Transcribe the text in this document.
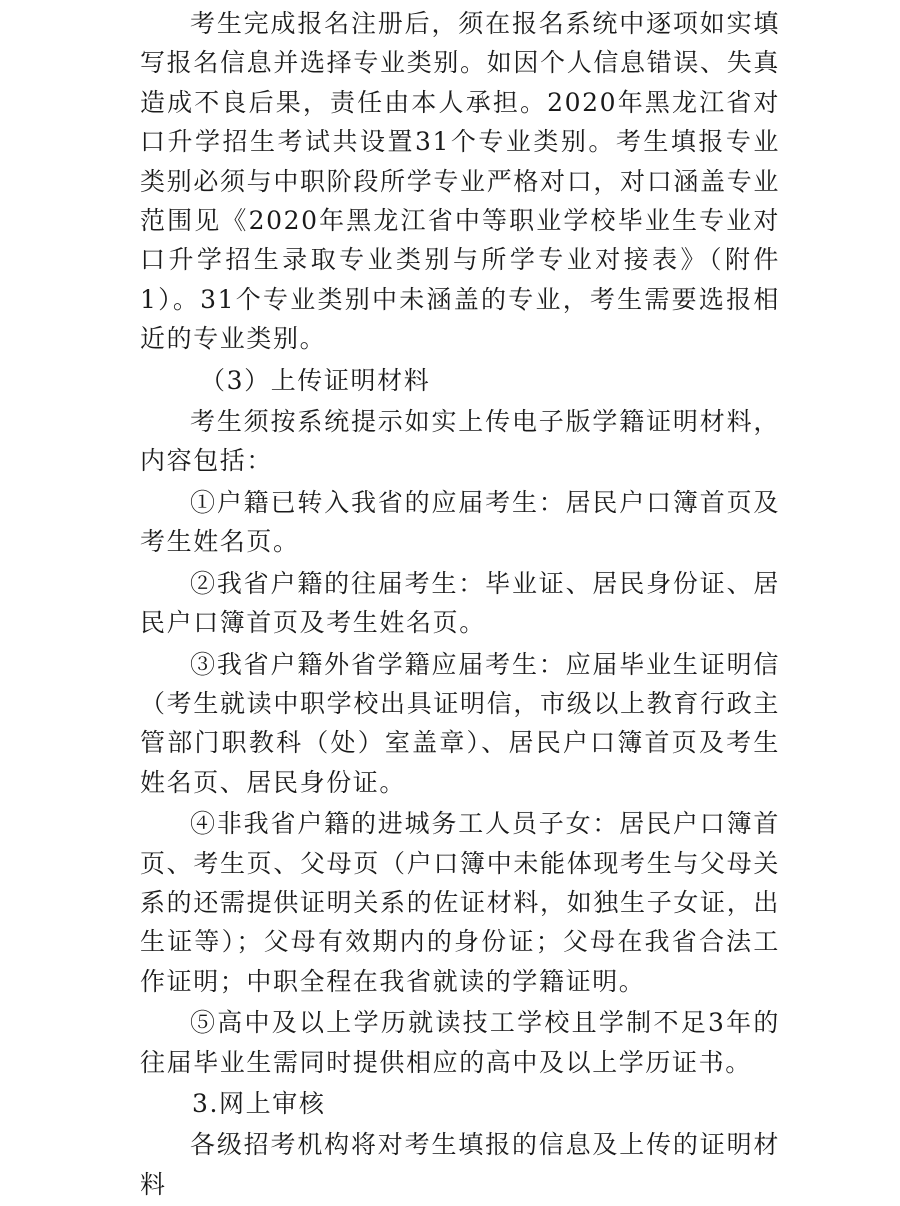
考生完成报名注册后，须在报名系统中逐项如实填写报名信息并选择专业类别。如因个人信息错误、失真造成不良后果，责任由本人承担。2020年黑龙江省对口升学招生考试共设置31个专业类别。考生填报专业类别必须与中职阶段所学专业严格对口，对口涵盖专业范围见《2020年黑龙江省中等职业学校毕业生专业对口升学招生录取专业类别与所学专业对接表》（附件1）。31个专业类别中未涵盖的专业，考生需要选报相近的专业类别。

（3）上传证明材料

考生须按系统提示如实上传电子版学籍证明材料，内容包括：

①户籍已转入我省的应届考生：居民户口簿首页及考生姓名页。

②我省户籍的往届考生：毕业证、居民身份证、居民户口簿首页及考生姓名页。

③我省户籍外省学籍应届考生：应届毕业生证明信（考生就读中职学校出具证明信，市级以上教育行政主管部门职教科（处）室盖章）、居民户口簿首页及考生姓名页、居民身份证。

④非我省户籍的进城务工人员子女：居民户口簿首页、考生页、父母页（户口簿中未能体现考生与父母关系的还需提供证明关系的佐证材料，如独生子女证，出生证等）；父母有效期内的身份证；父母在我省合法工作证明；中职全程在我省就读的学籍证明。

⑤高中及以上学历就读技工学校且学制不足3年的往届毕业生需同时提供相应的高中及以上学历证书。

3.网上审核

各级招考机构将对考生填报的信息及上传的证明材料
